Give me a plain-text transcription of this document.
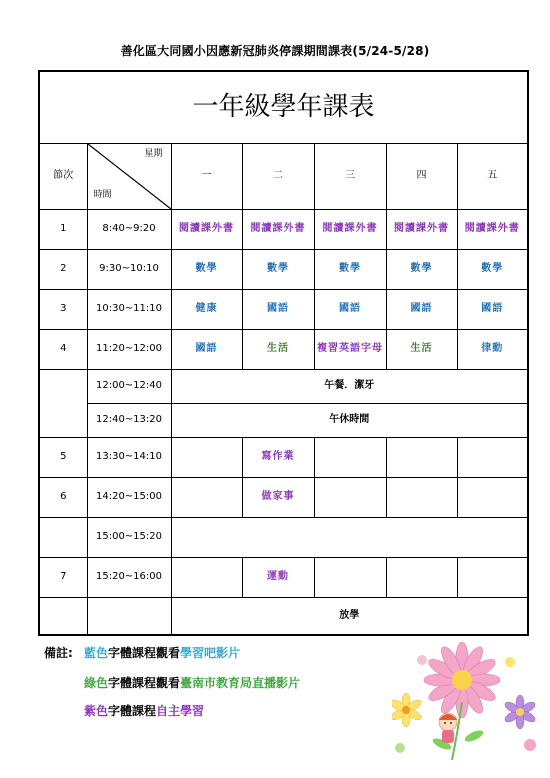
善化區大同國小因應新冠肺炎停課期間課表(5/24-5/28)
一年級學年課表						
節次	星期
時間	一	二	三	四	五
1	8:40~9:20	閱讀課外書	閱讀課外書	閱讀課外書	閱讀課外書	閱讀課外書
2	9:30~10:10	數學	數學	數學	數學	數學
3	10:30~11:10	健康	國語	國語	國語	國語
4	11:20~12:00	國語	生活	複習英語字母	生活	律動
	12:00~12:40	午餐．潔牙				
	12:40~13:20	午休時間				
5	13:30~14:10		寫作業			
6	14:20~15:00		做家事			
	15:00~15:20					
7	15:20~16:00		運動			
		放學				
備註: 藍色字體課程觀看學習吧影片
綠色字體課程觀看臺南市教育局直播影片
紫色字體課程自主學習
